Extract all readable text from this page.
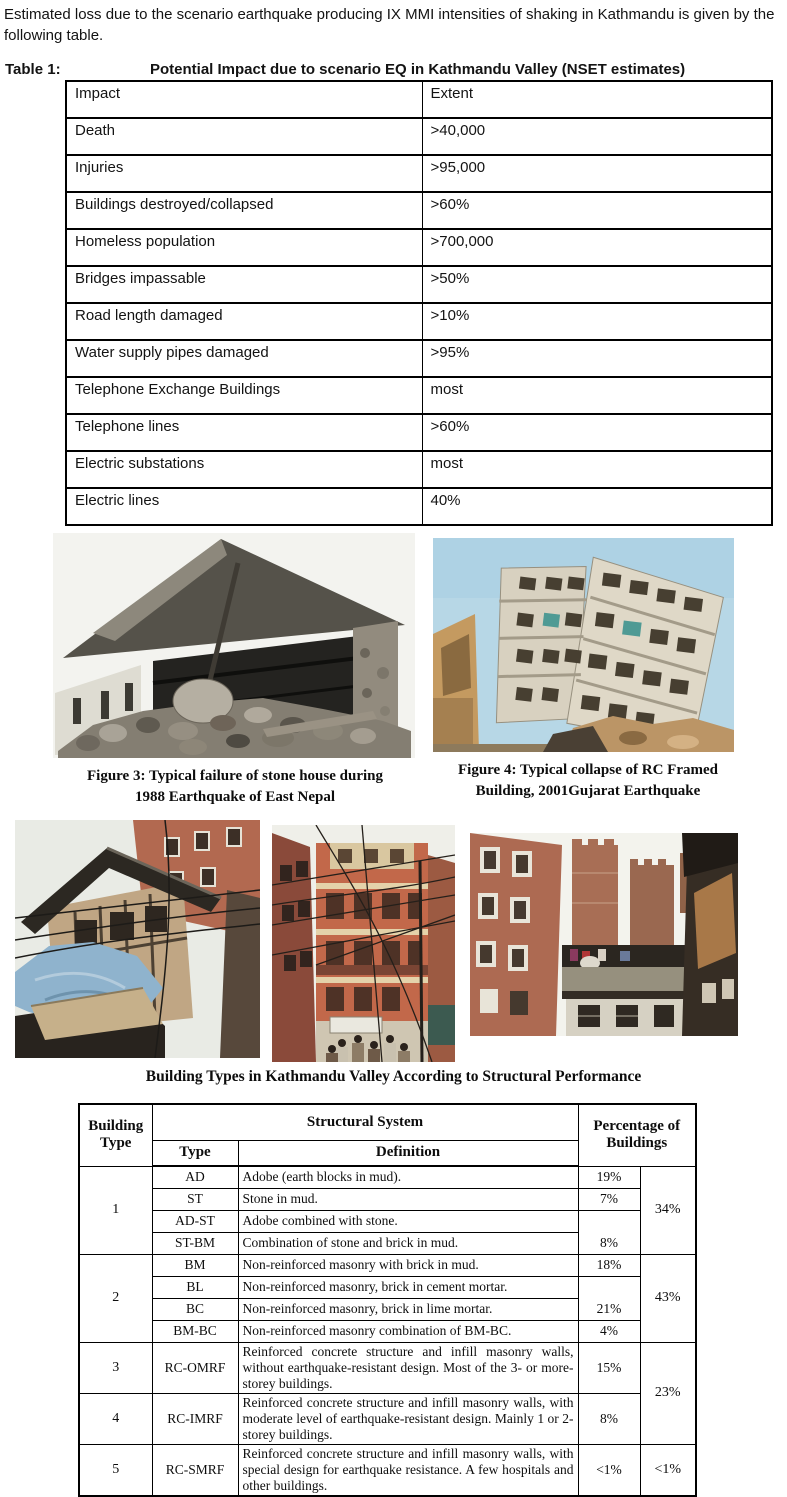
Estimated loss due to the scenario earthquake producing IX MMI intensities of shaking in Kathmandu is given by the following table.

Table 1:	Potential Impact due to scenario EQ in Kathmandu Valley (NSET estimates)
Impact	Extent
Death	>40,000
Injuries	>95,000
Buildings destroyed/collapsed	>60%
Homeless population	>700,000
Bridges impassable	>50%
Road length damaged	>10%
Water supply pipes damaged	>95%
Telephone Exchange Buildings	most
Telephone lines	>60%
Electric substations	most
Electric lines	40%
Figure 3: Typical failure of stone house during
1988 Earthquake of East Nepal
Figure 4: Typical collapse of RC Framed
Building, 2001Gujarat Earthquake
Building Types in Kathmandu Valley According to Structural Performance
Building Type	Structural System		Percentage of Buildings	
	Type	Definition		
1	AD	Adobe (earth blocks in mud).	19%	34%
	ST	Stone in mud.	7%	
	AD-ST	Adobe combined with stone.	8%	
	ST-BM	Combination of stone and brick in mud.		
2	BM	Non-reinforced masonry with brick in mud.	18%	43%
	BL	Non-reinforced masonry, brick in cement mortar.	21%	
	BC	Non-reinforced masonry, brick in lime mortar.		
	BM-BC	Non-reinforced masonry combination of BM-BC.	4%	
3	RC-OMRF	Reinforced concrete structure and infill masonry walls, without earthquake-resistant design. Most of the 3- or more-storey buildings.	15%	23%
4	RC-IMRF	Reinforced concrete structure and infill masonry walls, with moderate level of earthquake-resistant design. Mainly 1 or 2-storey buildings.	8%	
5	RC-SMRF	Reinforced concrete structure and infill masonry walls, with special design for earthquake resistance. A few hospitals and other buildings.	<1%	<1%
